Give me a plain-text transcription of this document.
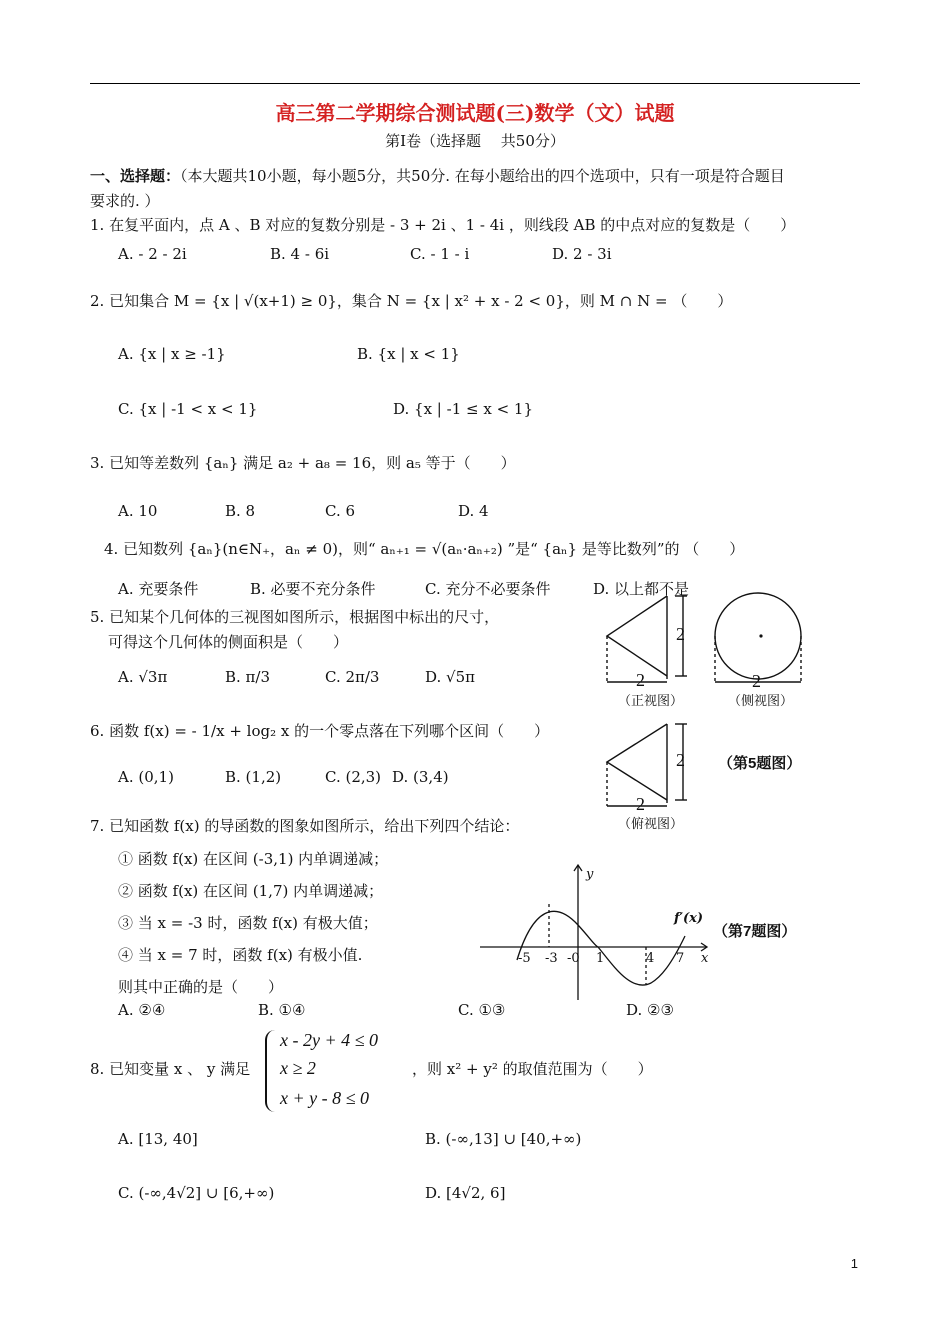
高三第二学期综合测试题(三)数学（文）试题
第Ⅰ卷（选择题　 共50分）
一、选择题：（本大题共10小题，每小题5分，共50分. 在每小题给出的四个选项中，只有一项是符合题目
要求的. ）
1. 在复平面内，点 A 、B 对应的复数分别是 - 3 + 2i 、1 - 4i ，则线段 AB 的中点对应的复数是（　　）
A. - 2 - 2i	B. 4 - 6i	C. - 1 - i	D. 2 - 3i
2. 已知集合 M = {x | √(x+1) ≥ 0}，集合 N = {x | x² + x - 2 < 0}，则 M ∩ N = （　　）
A. {x | x ≥ -1}	B. {x | x < 1}
C. {x | -1 < x < 1}	D. {x | -1 ≤ x < 1}
3. 已知等差数列 {aₙ} 满足 a₂ + a₈ = 16，则 a₅ 等于（　　）
A. 10	B. 8	C. 6	D. 4
4. 已知数列 {aₙ}(n∈N₊，aₙ ≠ 0)，则“ aₙ₊₁ = √(aₙ·aₙ₊₂) ”是“ {aₙ} 是等比数列”的 （　　）
A. 充要条件	B. 必要不充分条件	C. 充分不必要条件	D. 以上都不是
5. 已知某个几何体的三视图如图所示，根据图中标出的尺寸，
可得这个几何体的侧面积是（　　）
A. √3π	B. π/3	C. 2π/3	D. √5π
2
2	2
（正视图）	（侧视图）
2 （第5题图）
2
（俯视图）
6. 函数 f(x) = - 1/x + log₂ x 的一个零点落在下列哪个区间（　　）
A. (0,1)	B. (1,2)	C. (2,3) D. (3,4)
7. 已知函数 f(x) 的导函数的图象如图所示，给出下列四个结论：
① 函数 f(x) 在区间 (-3,1) 内单调递减；
② 函数 f(x) 在区间 (1,7) 内单调递减；
③ 当 x = -3 时，函数 f(x) 有极大值；
④ 当 x = 7 时，函数 f(x) 有极小值.
则其中正确的是（　　）
A. ②④	B. ①④	C. ①③	D. ②③
y
x
f′(x)
-5 -3 -0 1	4 7
（第7题图）
8. 已知变量 x 、 y 满足
x - 2y + 4 ≤ 0
x ≥ 2
x + y - 8 ≤ 0
，则 x² + y² 的取值范围为（　　）
A. [13, 40]	B. (-∞,13] ∪ [40,+∞)
C. (-∞,4√2] ∪ [6,+∞)	D. [4√2, 6]
1
